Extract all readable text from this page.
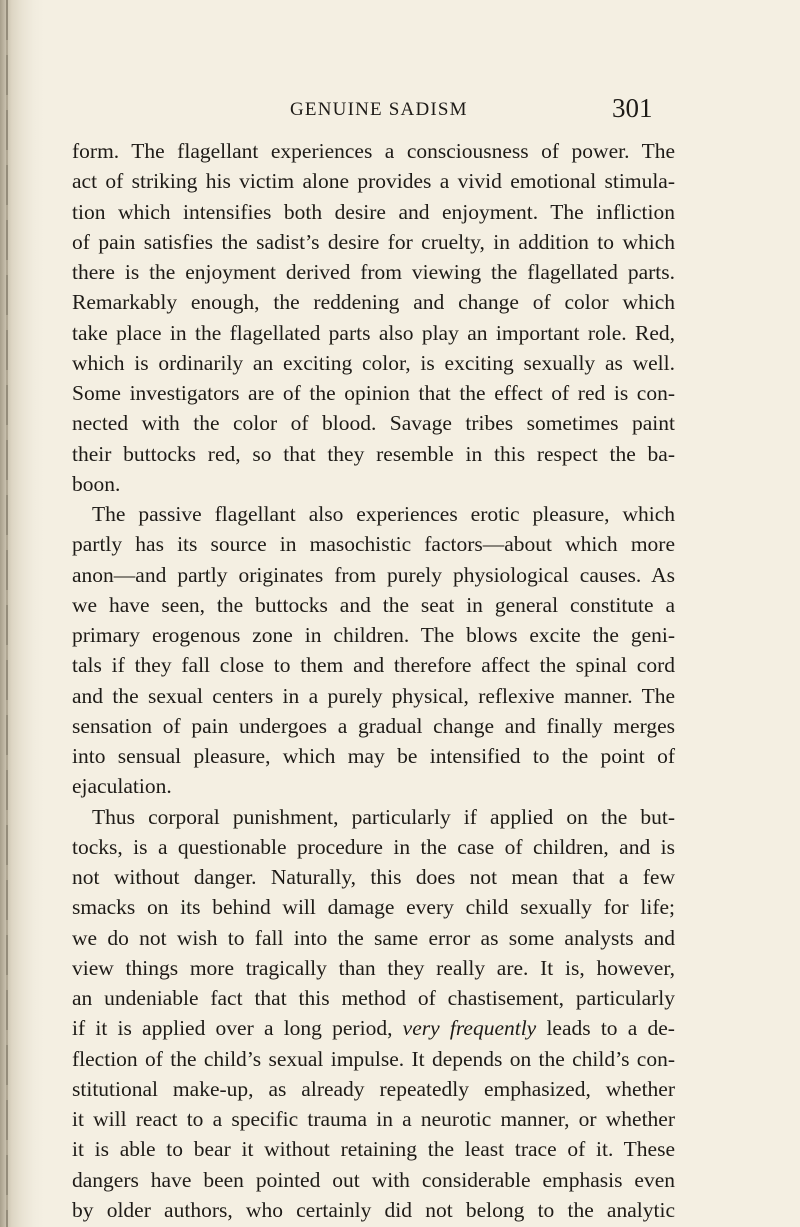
GENUINE SADISM	301
form. The flagellant experiences a consciousness of power. The
act of striking his victim alone provides a vivid emotional stimula-
tion which intensifies both desire and enjoyment. The infliction
of pain satisfies the sadist’s desire for cruelty, in addition to which
there is the enjoyment derived from viewing the flagellated parts.
Remarkably enough, the reddening and change of color which
take place in the flagellated parts also play an important role. Red,
which is ordinarily an exciting color, is exciting sexually as well.
Some investigators are of the opinion that the effect of red is con-
nected with the color of blood. Savage tribes sometimes paint
their buttocks red, so that they resemble in this respect the ba-
boon.
The passive flagellant also experiences erotic pleasure, which
partly has its source in masochistic factors—about which more
anon—and partly originates from purely physiological causes. As
we have seen, the buttocks and the seat in general constitute a
primary erogenous zone in children. The blows excite the geni-
tals if they fall close to them and therefore affect the spinal cord
and the sexual centers in a purely physical, reflexive manner. The
sensation of pain undergoes a gradual change and finally merges
into sensual pleasure, which may be intensified to the point of
ejaculation.
Thus corporal punishment, particularly if applied on the but-
tocks, is a questionable procedure in the case of children, and is
not without danger. Naturally, this does not mean that a few
smacks on its behind will damage every child sexually for life;
we do not wish to fall into the same error as some analysts and
view things more tragically than they really are. It is, however,
an undeniable fact that this method of chastisement, particularly
if it is applied over a long period, very frequently leads to a de-
flection of the child’s sexual impulse. It depends on the child’s con-
stitutional make-up, as already repeatedly emphasized, whether
it will react to a specific trauma in a neurotic manner, or whether
it is able to bear it without retaining the least trace of it. These
dangers have been pointed out with considerable emphasis even
by older authors, who certainly did not belong to the analytic
